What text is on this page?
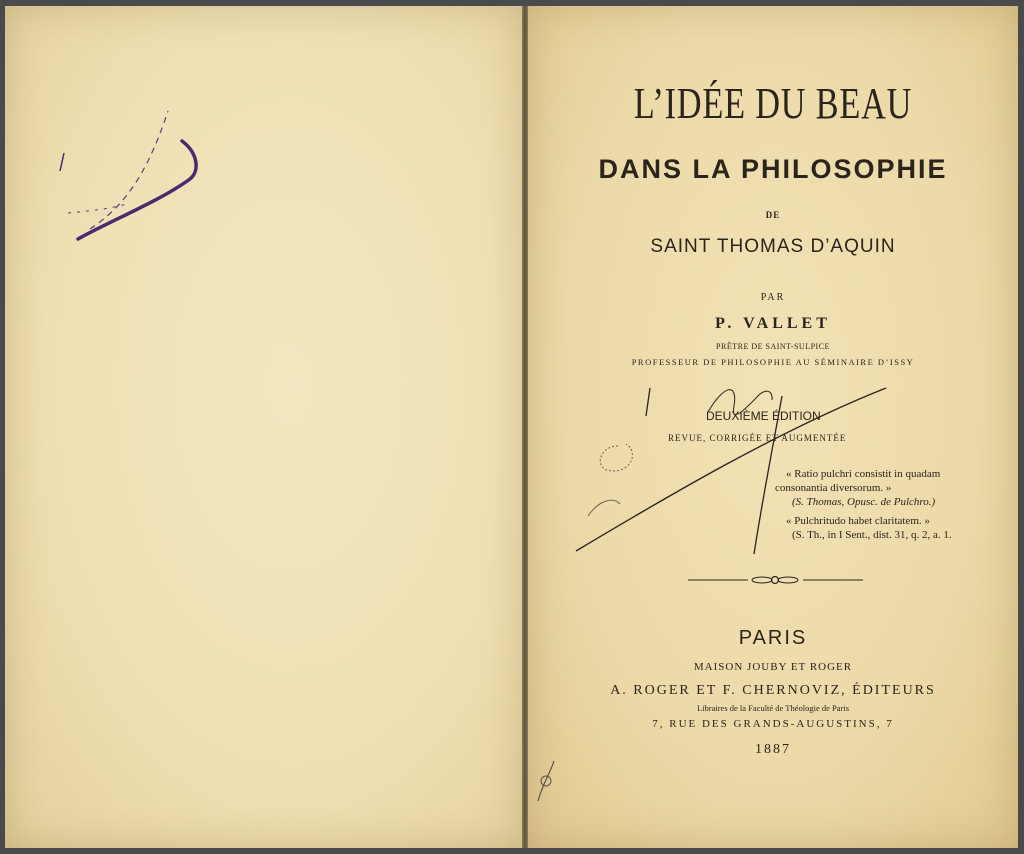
L’IDÉE DU BEAU
DANS LA PHILOSOPHIE
DE
SAINT THOMAS D’AQUIN
PAR
P. VALLET
PRÊTRE DE SAINT-SULPICE
PROFESSEUR DE PHILOSOPHIE AU SÉMINAIRE D’ISSY
DEUXIÈME ÉDITION
REVUE, CORRIGÉE ET AUGMENTÉE
« Ratio pulchri consistit in quadam
consonantia diversorum. »
(S. Thomas, Opusc. de Pulchro.)
« Pulchritudo habet claritatem. »
(S. Th., in I Sent., dist. 31, q. 2, a. 1.
PARIS
MAISON JOUBY ET ROGER
A. ROGER ET F. CHERNOVIZ, ÉDITEURS
Libraires de la Faculté de Théologie de Paris
7, RUE DES GRANDS-AUGUSTINS, 7
1887
